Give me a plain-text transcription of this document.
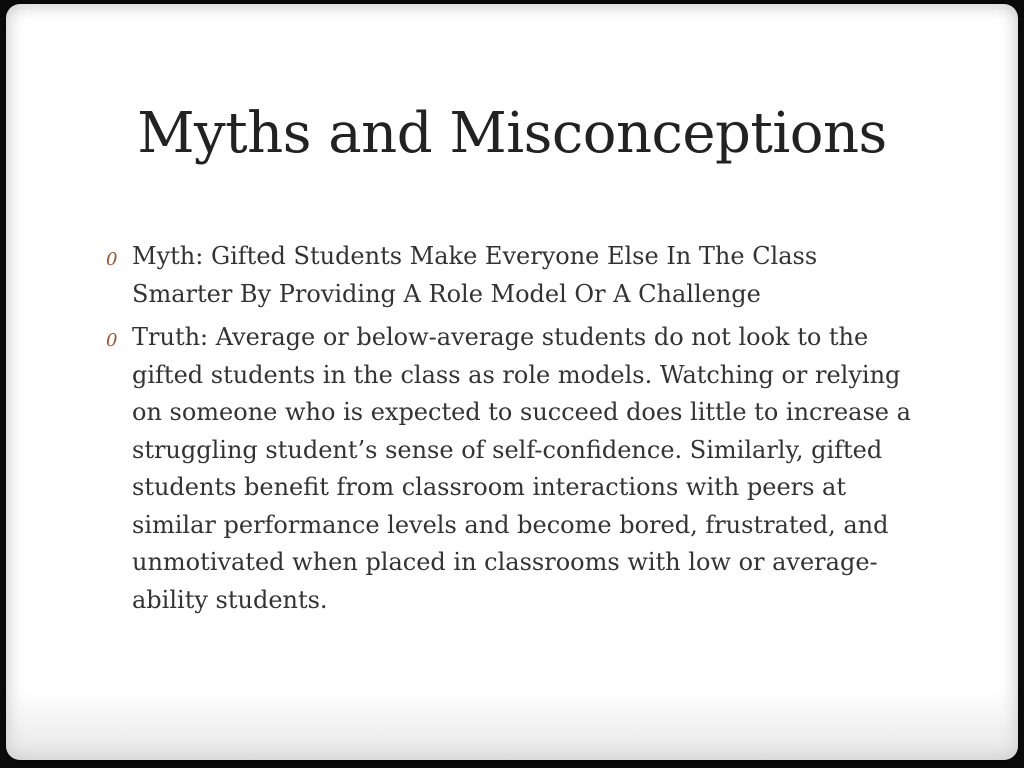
Myths and Misconceptions
0 Myth: Gifted Students Make Everyone Else In The Class Smarter By Providing A Role Model Or A Challenge
0 Truth: Average or below-average students do not look to the gifted students in the class as role models. Watching or relying on someone who is expected to succeed does little to increase a struggling student’s sense of self-confidence. Similarly, gifted students benefit from classroom interactions with peers at similar performance levels and become bored, frustrated, and unmotivated when placed in classrooms with low or average-ability students.
